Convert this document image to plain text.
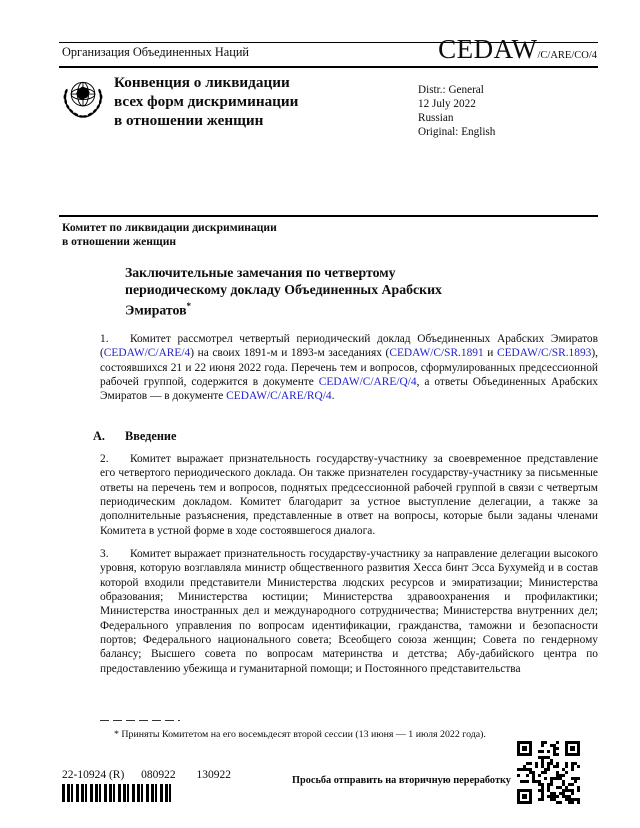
Организация Объединенных Наций	CEDAW/C/ARE/CO/4
Конвенция о ликвидации
всех форм дискриминации
в отношении женщин
Distr.: General
12 July 2022
Russian
Original: English
Комитет по ликвидации дискриминации
в отношении женщин
Заключительные замечания по четвертому периодическому докладу Объединенных Арабских Эмиратов*

1. Комитет рассмотрел четвертый периодический доклад Объединенных Арабских Эмиратов (CEDAW/C/ARE/4) на своих 1891-м и 1893-м заседаниях (CEDAW/C/SR.1891 и CEDAW/C/SR.1893), состоявшихся 21 и 22 июня 2022 года. Перечень тем и вопросов, сформулированных предсессионной рабочей группой, содержится в документе CEDAW/C/ARE/Q/4, а ответы Объединенных Арабских Эмиратов –– в документе CEDAW/C/ARE/RQ/4.

A. Введение

2. Комитет выражает признательность государству-участнику за своевременное представление его четвертого периодического доклада. Он также признателен государству-участнику за письменные ответы на перечень тем и вопросов, поднятых предсессионной рабочей группой в связи с четвертым периодическим докладом. Комитет благодарит за устное выступление делегации, а также за дополнительные разъяснения, представленные в ответ на вопросы, которые были заданы членами Комитета в устной форме в ходе состоявшегося диалога.

3. Комитет выражает признательность государству-участнику за направление делегации высокого уровня, которую возглавляла министр общественного развития Хесса бинт Эсса Бухумейд и в состав которой входили представители Министерства людских ресурсов и эмиратизации; Министерства образования; Министерства юстиции; Министерства здравоохранения и профилактики; Министерства иностранных дел и международного сотрудничества; Министерства внутренних дел; Федерального управления по вопросам идентификации, гражданства, таможни и безопасности портов; Федерального национального совета; Всеобщего союза женщин; Совета по гендерному балансу; Высшего совета по вопросам материнства и детства; Абу-дабийского центра по предоставлению убежища и гуманитарной помощи; и Постоянного представительства

* Приняты Комитетом на его восемьдесят второй сессии (13 июня — 1 июля 2022 года).
22-10924 (R) 080922 130922	Просьба отправить на вторичную переработку
